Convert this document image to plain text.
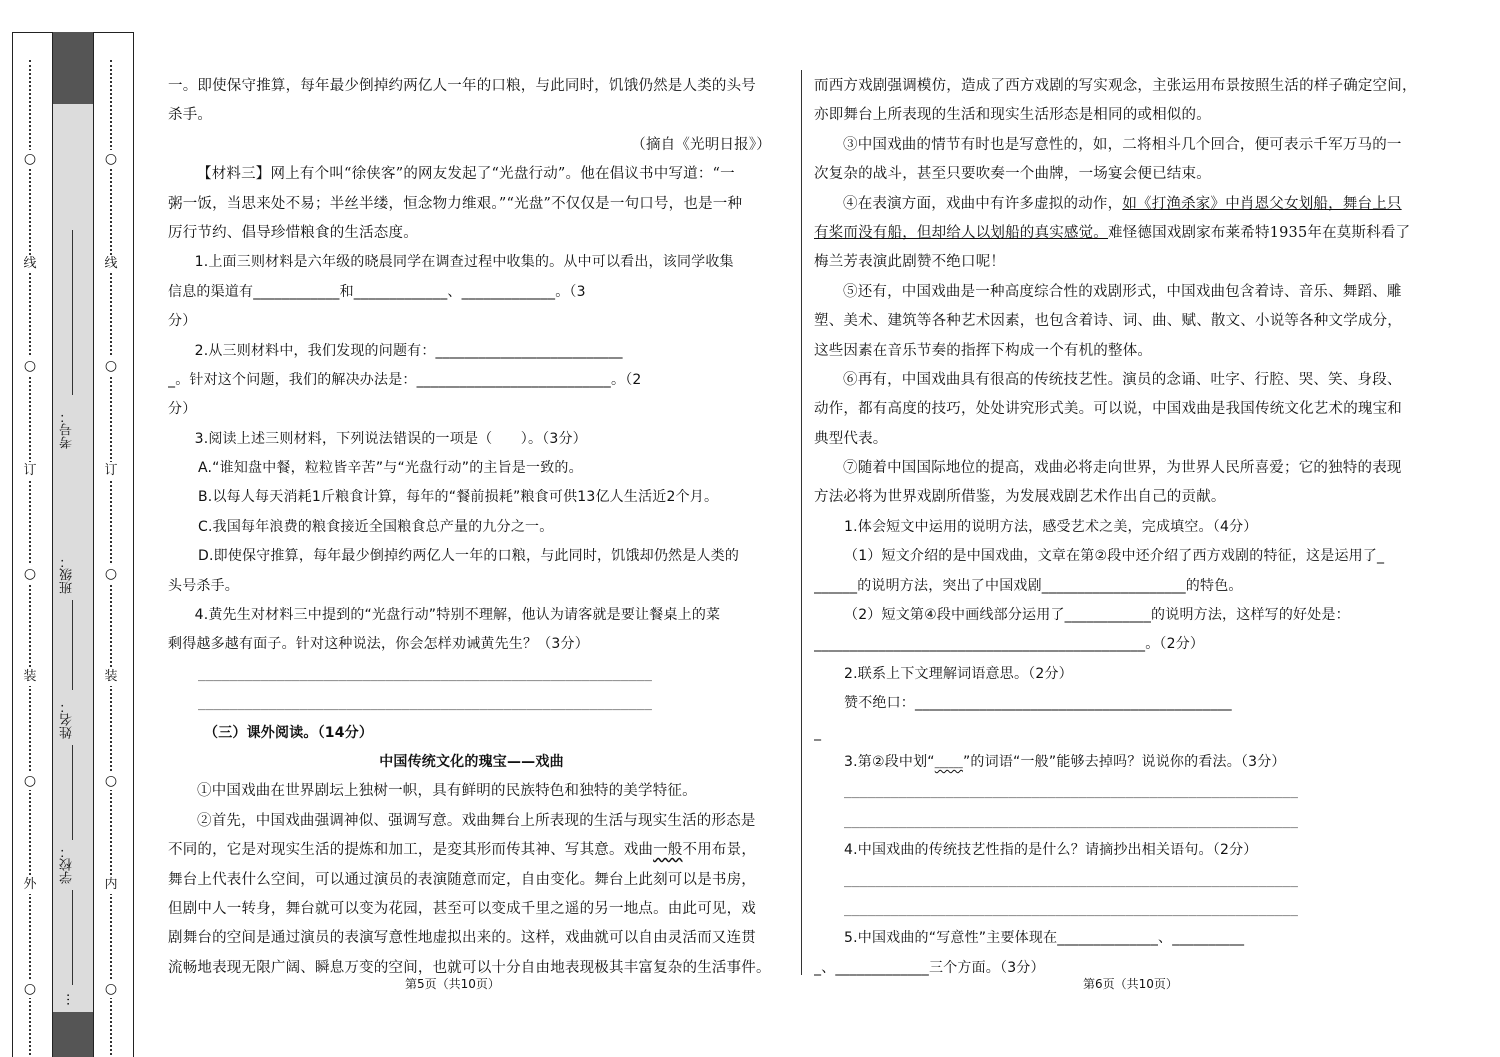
○
线
○
订
○
装
○
外
○
○
线
○
订
○
装
○
内
○
考号：
班级：
姓名：
学校：
…

一。即使保守推算，每年最少倒掉约两亿人一年的口粮，与此同时，饥饿仍然是人类的头号

杀手。

（摘自《光明日报》）

【材料三】网上有个叫“徐侠客”的网友发起了“光盘行动”。他在倡议书中写道：“一

粥一饭，当思来处不易；半丝半缕，恒念物力维艰。”“光盘”不仅仅是一句口号，也是一种

厉行节约、倡导珍惜粮食的生活态度。

1.上面三则材料是六年级的晓晨同学在调查过程中收集的。从中可以看出，该同学收集

信息的渠道有____________和_____________、_____________。（3

分）

2.从三则材料中，我们发现的问题有：__________________________

_。针对这个问题，我们的解决办法是：___________________________。（2

分）

3.阅读上述三则材料，下列说法错误的一项是（　　）。（3分）

A.“谁知盘中餐，粒粒皆辛苦”与“光盘行动”的主旨是一致的。

B.以每人每天消耗1斤粮食计算，每年的“餐前损耗”粮食可供13亿人生活近2个月。

C.我国每年浪费的粮食接近全国粮食总产量的九分之一。

D.即使保守推算，每年最少倒掉约两亿人一年的口粮，与此同时，饥饿却仍然是人类的

头号杀手。

4.黄先生对材料三中提到的“光盘行动”特别不理解，他认为请客就是要让餐桌上的菜

剩得越多越有面子。针对这种说法，你会怎样劝诫黄先生？（3分）

__________________________________________________________
__________________________________________________________

（三）课外阅读。（14分）

中国传统文化的瑰宝——戏曲

①中国戏曲在世界剧坛上独树一帜，具有鲜明的民族特色和独特的美学特征。

②首先，中国戏曲强调神似、强调写意。戏曲舞台上所表现的生活与现实生活的形态是

不同的，它是对现实生活的提炼和加工，是変其形而传其神、写其意。戏曲一般不用布景，

舞台上代表什么空间，可以通过演员的表演随意而定，自由变化。舞台上此刻可以是书房，

但剧中人一转身，舞台就可以变为花园，甚至可以变成千里之遥的另一地点。由此可见，戏

剧舞台的空间是通过演员的表演写意性地虚拟出来的。这样，戏曲就可以自由灵活而又连贯

流畅地表现无限广阔、瞬息万变的空间，也就可以十分自由地表现极其丰富复杂的生活事件。

第5页（共10页）

而西方戏剧强调模仿，造成了西方戏剧的写实观念，主张运用布景按照生活的样子确定空间，

亦即舞台上所表现的生活和现实生活形态是相同的或相似的。

③中国戏曲的情节有时也是写意性的，如，二将相斗几个回合，便可表示千军万马的一

次复杂的战斗，甚至只要吹奏一个曲牌，一场宴会便已结束。

④在表演方面，戏曲中有许多虚拟的动作，如《打渔杀家》中肖恩父女划船，舞台上只

有桨而没有船，但却给人以划船的真实感觉。难怪德国戏剧家布莱希特1935年在莫斯科看了

梅兰芳表演此剧赞不绝口呢！

⑤还有，中国戏曲是一种高度综合性的戏剧形式，中国戏曲包含着诗、音乐、舞蹈、雕

塑、美术、建筑等各种艺术因素，也包含着诗、词、曲、赋、散文、小说等各种文学成分，

这些因素在音乐节奏的指挥下构成一个有机的整体。

⑥再有，中国戏曲具有很高的传统技艺性。演员的念诵、吐字、行腔、哭、笑、身段、

动作，都有高度的技巧，处处讲究形式美。可以说，中国戏曲是我国传统文化艺术的瑰宝和

典型代表。

⑦随着中国国际地位的提高，戏曲必将走向世界，为世界人民所喜爱；它的独特的表现

方法必将为世界戏剧所借鉴，为发展戏剧艺术作出自己的贡献。

1.体会短文中运用的说明方法，感受艺术之美，完成填空。（4分）

（1）短文介绍的是中国戏曲，文章在第②段中还介绍了西方戏剧的特征，这是运用了_

______的说明方法，突出了中国戏剧____________________的特色。

（2）短文第④段中画线部分运用了____________的说明方法，这样写的好处是：

______________________________________________。（2分）

2.联系上下文理解词语意思。（2分）

赞不绝口：____________________________________________

_

3.第②段中划“______”的词语“一般”能够去掉吗？说说你的看法。（3分）

__________________________________________________________
__________________________________________________________

4.中国戏曲的传统技艺性指的是什么？请摘抄出相关语句。（2分）

__________________________________________________________
__________________________________________________________

5.中国戏曲的“写意性”主要体现在______________、__________

_、_____________三个方面。（3分）

第6页（共10页）
